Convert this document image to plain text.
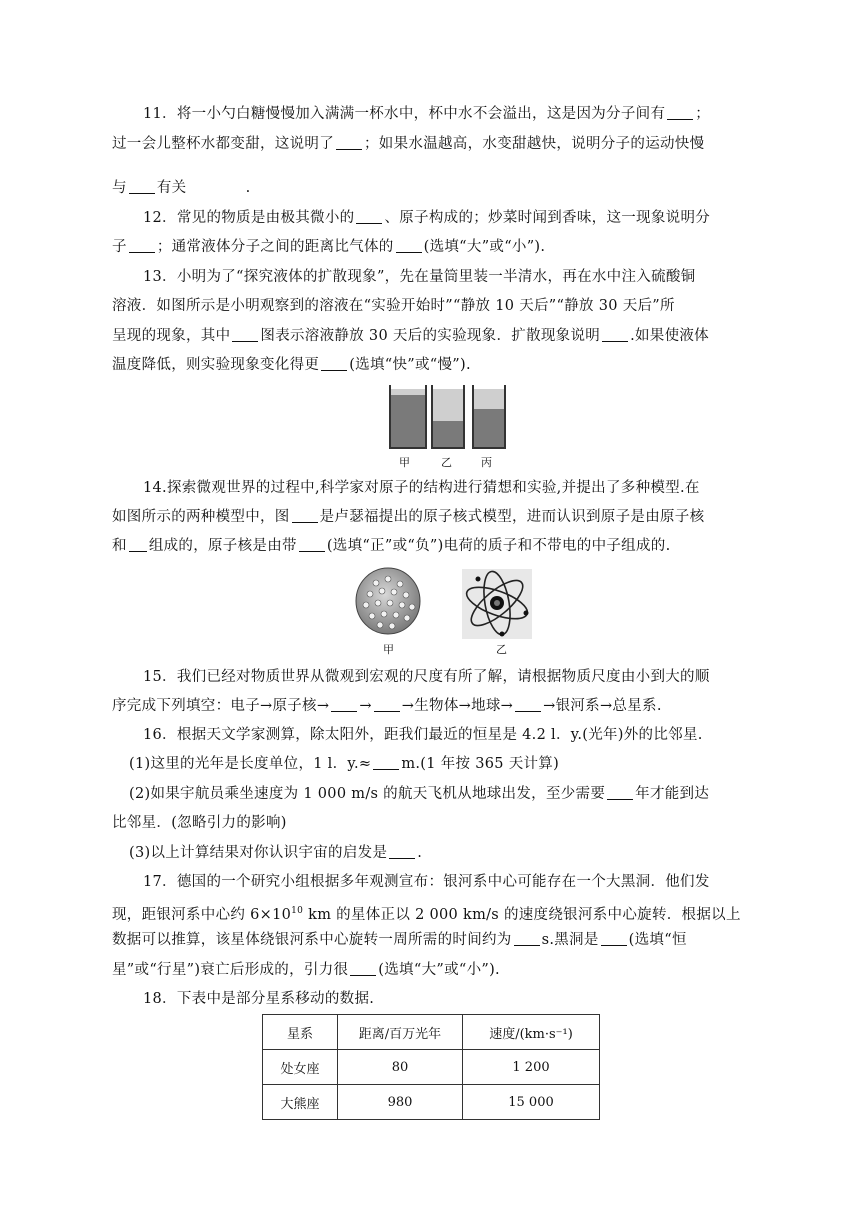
11．将一小勺白糖慢慢加入满满一杯水中，杯中水不会溢出，这是因为分子间有 ；
过一会儿整杯水都变甜，这说明了 ；如果水温越高，水变甜越快，说明分子的运动快慢
与 有关　　　　.
12．常见的物质是由极其微小的 、原子构成的；炒菜时闻到香味，这一现象说明分
子 ；通常液体分子之间的距离比气体的 (选填“大”或“小”).
13．小明为了“探究液体的扩散现象”，先在量筒里装一半清水，再在水中注入硫酸铜
溶液．如图所示是小明观察到的溶液在“实验开始时”“静放 10 天后”“静放 30 天后”所
呈现的现象，其中 图表示溶液静放 30 天后的实验现象．扩散现象说明 .如果使液体
温度降低，则实验现象变化得更 (选填“快”或“慢”).
甲	乙	丙
14.探索微观世界的过程中,科学家对原子的结构进行猜想和实验,并提出了多种模型.在
如图所示的两种模型中，图 是卢瑟福提出的原子核式模型，进而认识到原子是由原子核
和 组成的，原子核是由带 (选填“正”或“负”)电荷的质子和不带电的中子组成的.
甲	乙
15．我们已经对物质世界从微观到宏观的尺度有所了解，请根据物质尺度由小到大的顺
序完成下列填空：电子→原子核→ → →生物体→地球→ →银河系→总星系.
16．根据天文学家测算，除太阳外，距我们最近的恒星是 4.2 l．y.(光年)外的比邻星.
(1)这里的光年是长度单位，1 l．y.≈ m.(1 年按 365 天计算)
(2)如果宇航员乘坐速度为 1 000 m/s 的航天飞机从地球出发，至少需要 年才能到达
比邻星．(忽略引力的影响)
(3)以上计算结果对你认识宇宙的启发是 .
17．德国的一个研究小组根据多年观测宣布：银河系中心可能存在一个大黑洞．他们发
现，距银河系中心约 $6\times 10^{10}$ km 的星体正以 2 000 km/s 的速度绕银河系中心旋转．根据以上
数据可以推算，该星体绕银河系中心旋转一周所需的时间约为 s.黑洞是 (选填“恒
星”或“行星”)衰亡后形成的，引力很 (选填“大”或“小”).
18．下表中是部分星系移动的数据.
星系	距离/百万光年	速度/(km·s⁻¹)
处女座	80	1 200
大熊座	980	15 000
